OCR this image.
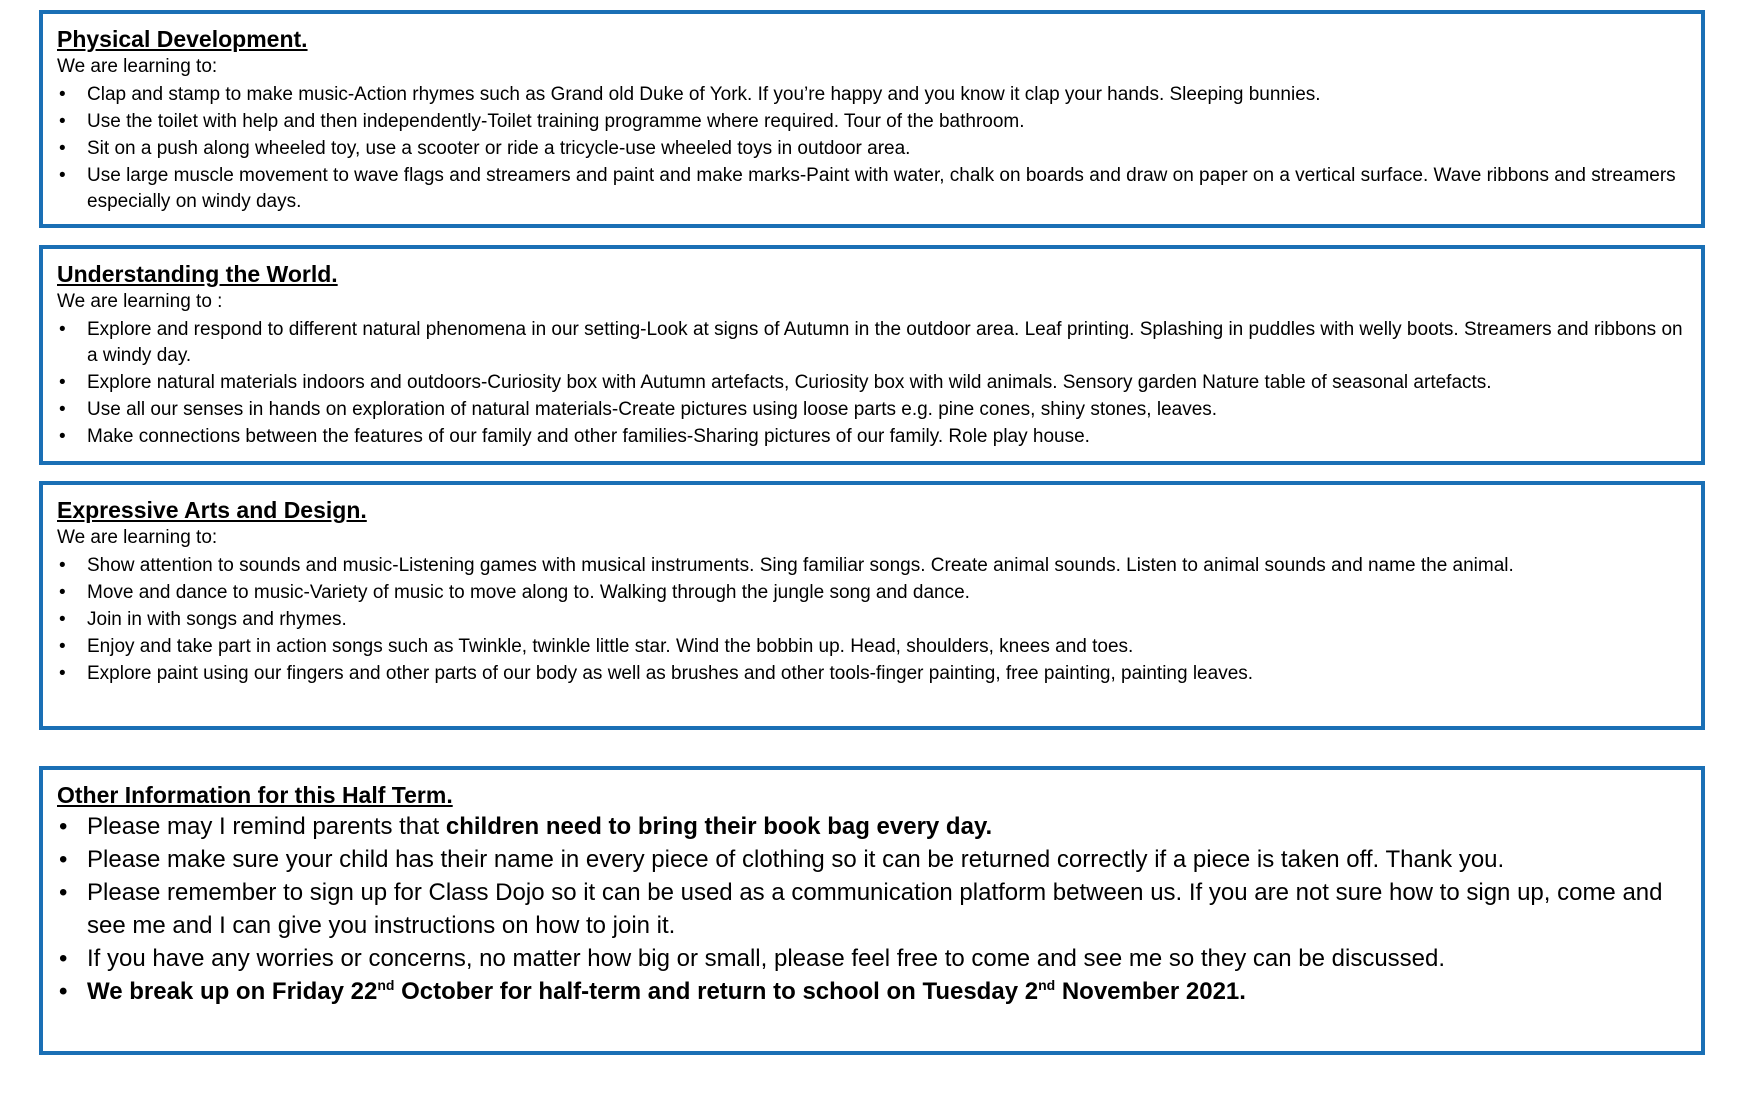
Physical Development.

We are learning to:

• Clap and stamp to make music-Action rhymes such as Grand old Duke of York. If you’re happy and you know it clap your hands. Sleeping bunnies.
• Use the toilet with help and then independently-Toilet training programme where required. Tour of the bathroom.
• Sit on a push along wheeled toy, use a scooter or ride a tricycle-use wheeled toys in outdoor area.
• Use large muscle movement to wave flags and streamers and paint and make marks-Paint with water, chalk on boards and draw on paper on a vertical surface. Wave ribbons and streamers especially on windy days.
Understanding the World.

We are learning to :

• Explore and respond to different natural phenomena in our setting-Look at signs of Autumn in the outdoor area. Leaf printing. Splashing in puddles with welly boots. Streamers and ribbons on a windy day.
• Explore natural materials indoors and outdoors-Curiosity box with Autumn artefacts, Curiosity box with wild animals. Sensory garden Nature table of seasonal artefacts.
• Use all our senses in hands on exploration of natural materials-Create pictures using loose parts e.g. pine cones, shiny stones, leaves.
• Make connections between the features of our family and other families-Sharing pictures of our family. Role play house.
Expressive Arts and Design.

We are learning to:

• Show attention to sounds and music-Listening games with musical instruments. Sing familiar songs. Create animal sounds. Listen to animal sounds and name the animal.
• Move and dance to music-Variety of music to move along to. Walking through the jungle song and dance.
• Join in with songs and rhymes.
• Enjoy and take part in action songs such as Twinkle, twinkle little star. Wind the bobbin up. Head, shoulders, knees and toes.
• Explore paint using our fingers and other parts of our body as well as brushes and other tools-finger painting, free painting, painting leaves.
Other Information for this Half Term.
• Please may I remind parents that children need to bring their book bag every day.
• Please make sure your child has their name in every piece of clothing so it can be returned correctly if a piece is taken off. Thank you.
• Please remember to sign up for Class Dojo so it can be used as a communication platform between us. If you are not sure how to sign up, come and see me and I can give you instructions on how to join it.
• If you have any worries or concerns, no matter how big or small, please feel free to come and see me so they can be discussed.
• We break up on Friday 22nd October for half-term and return to school on Tuesday 2nd November 2021.
